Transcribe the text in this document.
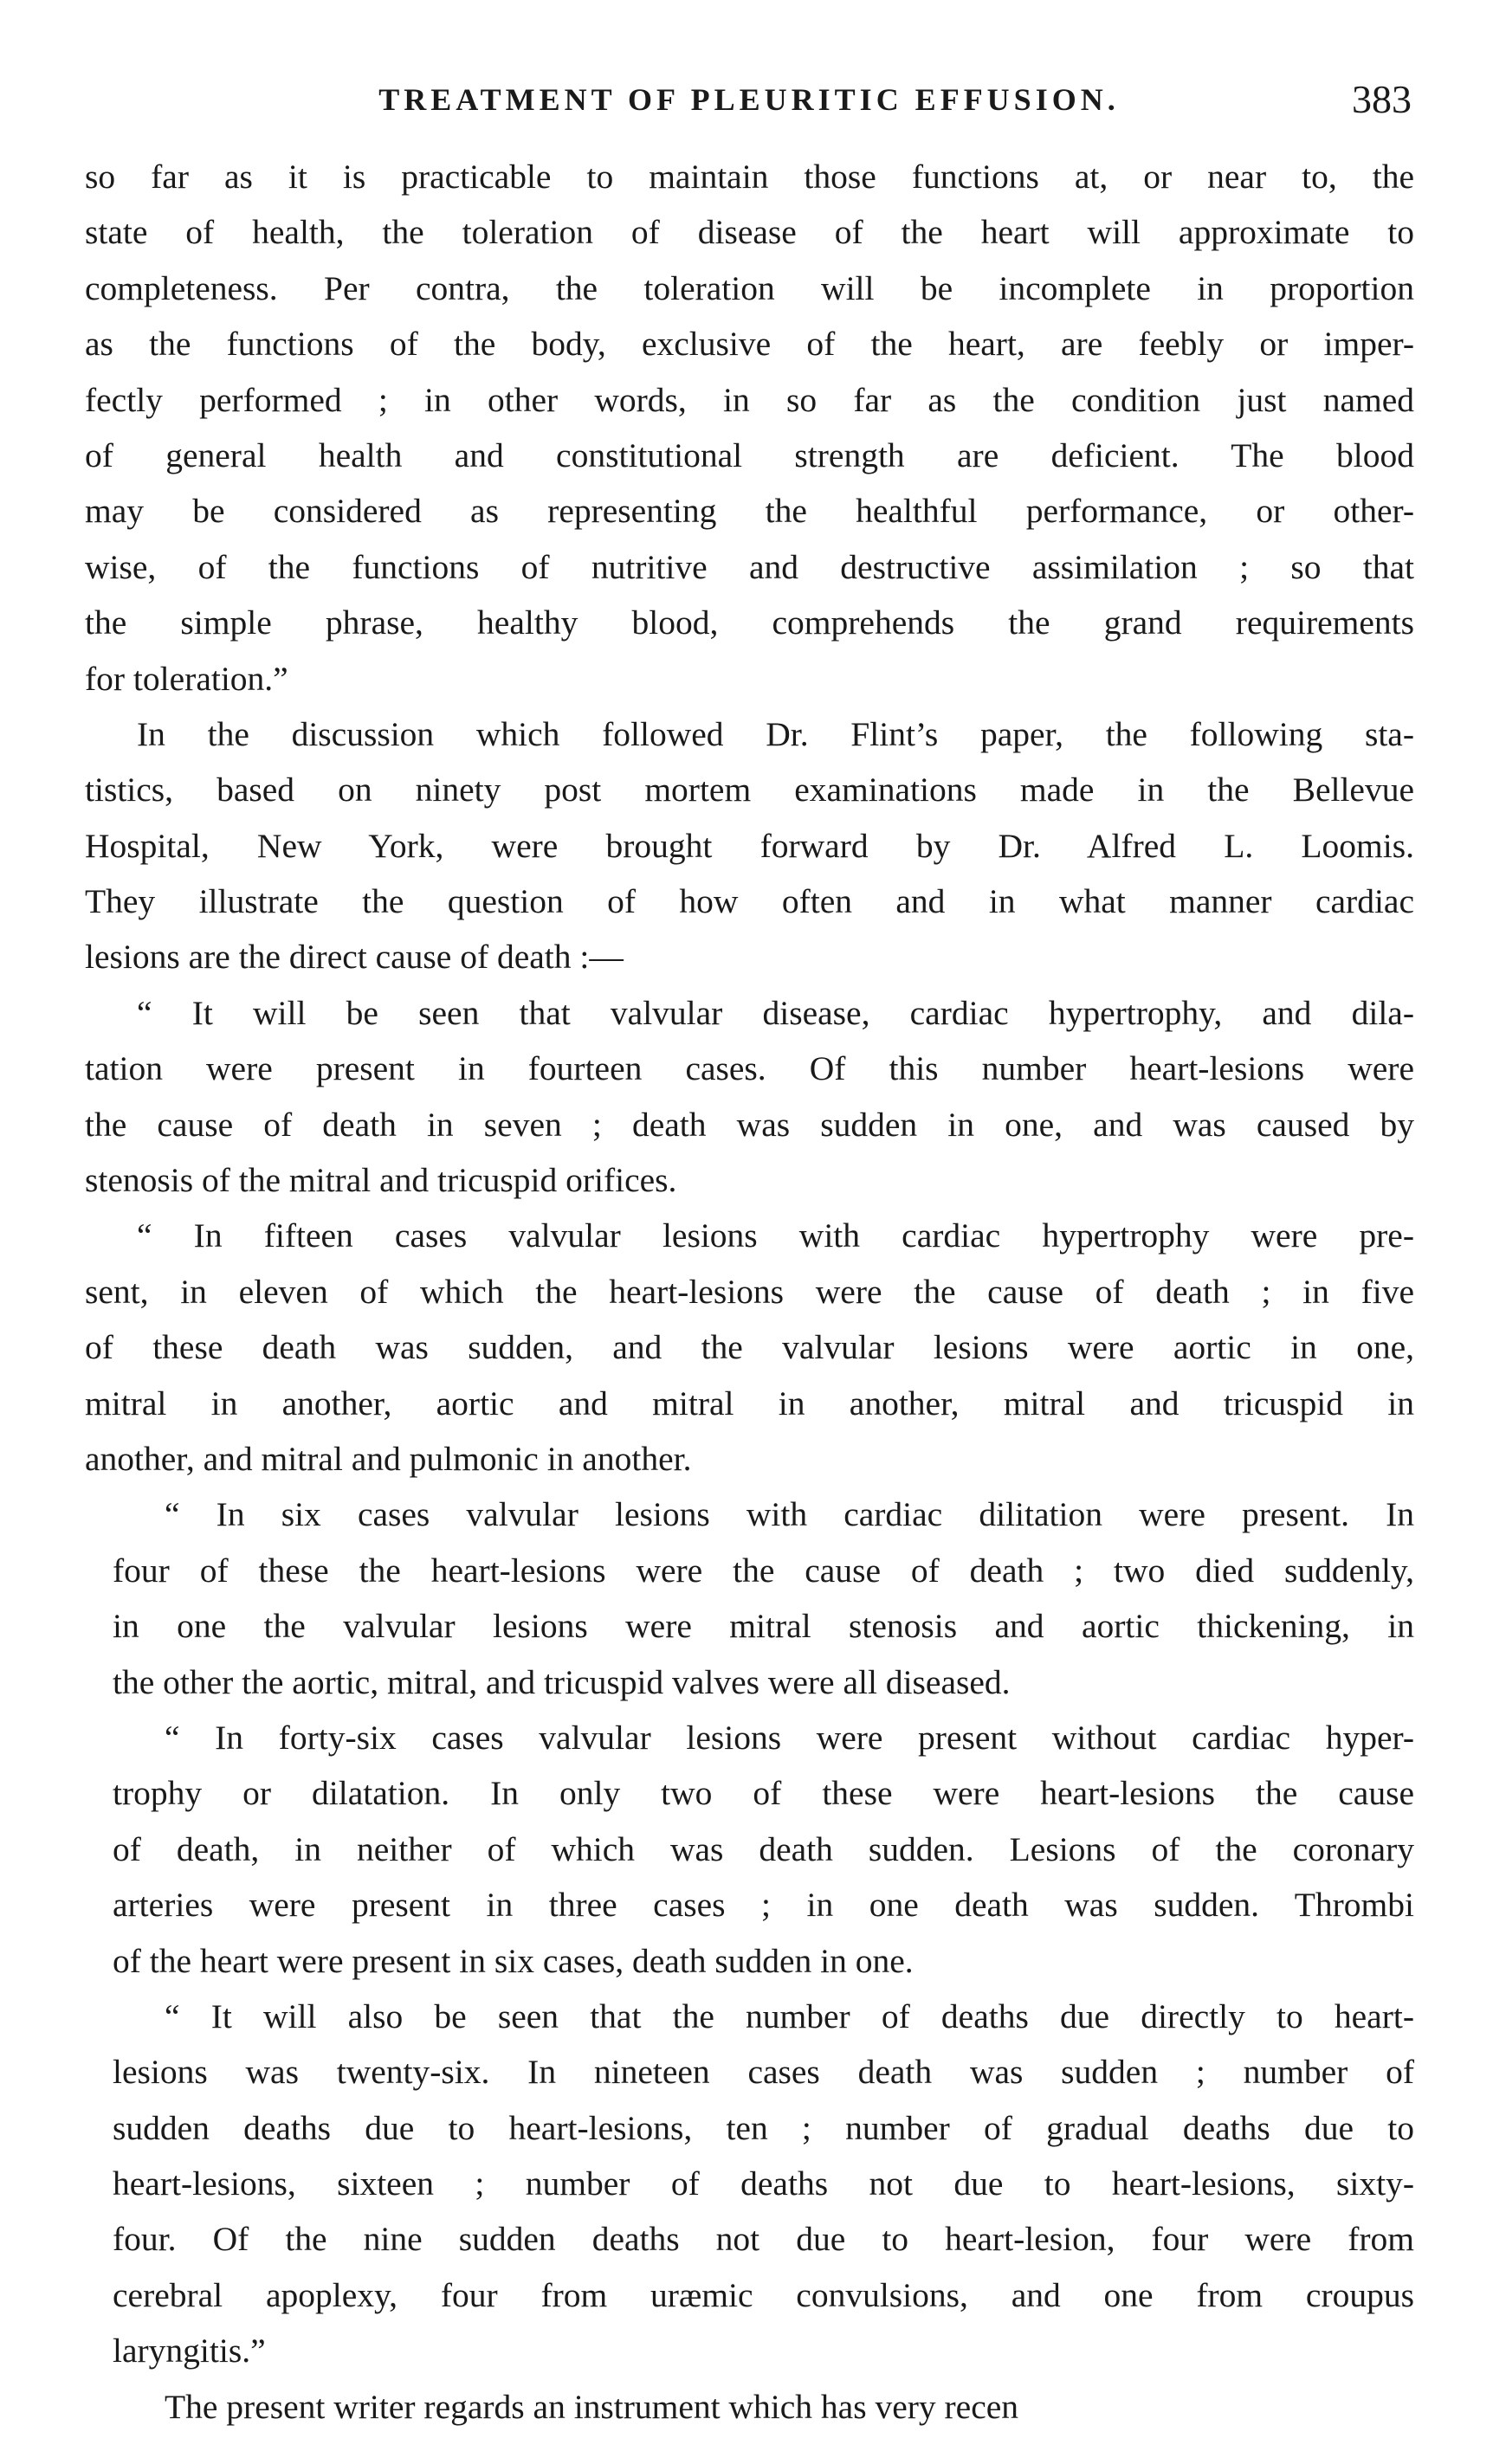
TREATMENT OF PLEURITIC EFFUSION.	383
so far as it is practicable to maintain those functions at, or near to, the
state of health, the toleration of disease of the heart will approximate to
completeness. Per contra, the toleration will be incomplete in proportion
as the functions of the body, exclusive of the heart, are feebly or imper-
fectly performed ; in other words, in so far as the condition just named
of general health and constitutional strength are deficient. The blood
may be considered as representing the healthful performance, or other-
wise, of the functions of nutritive and destructive assimilation ; so that
the simple phrase, healthy blood, comprehends the grand requirements
for toleration.”
In the discussion which followed Dr. Flint’s paper, the following sta-
tistics, based on ninety post mortem examinations made in the Bellevue
Hospital, New York, were brought forward by Dr. Alfred L. Loomis.
They illustrate the question of how often and in what manner cardiac
lesions are the direct cause of death :—
“ It will be seen that valvular disease, cardiac hypertrophy, and dila-
tation were present in fourteen cases. Of this number heart-lesions were
the cause of death in seven ; death was sudden in one, and was caused by
stenosis of the mitral and tricuspid orifices.
“ In fifteen cases valvular lesions with cardiac hypertrophy were pre-
sent, in eleven of which the heart-lesions were the cause of death ; in five
of these death was sudden, and the valvular lesions were aortic in one,
mitral in another, aortic and mitral in another, mitral and tricuspid in
another, and mitral and pulmonic in another.
“ In six cases valvular lesions with cardiac dilitation were present. In
four of these the heart-lesions were the cause of death ; two died suddenly,
in one the valvular lesions were mitral stenosis and aortic thickening, in
the other the aortic, mitral, and tricuspid valves were all diseased.
“ In forty-six cases valvular lesions were present without cardiac hyper-
trophy or dilatation. In only two of these were heart-lesions the cause
of death, in neither of which was death sudden. Lesions of the coronary
arteries were present in three cases ; in one death was sudden. Thrombi
of the heart were present in six cases, death sudden in one.
“ It will also be seen that the number of deaths due directly to heart-
lesions was twenty-six. In nineteen cases death was sudden ; number of
sudden deaths due to heart-lesions, ten ; number of gradual deaths due to
heart-lesions, sixteen ; number of deaths not due to heart-lesions, sixty-
four. Of the nine sudden deaths not due to heart-lesion, four were from
cerebral apoplexy, four from uræmic convulsions, and one from croupus
laryngitis.”
The present writer regards an instrument which has very recen
